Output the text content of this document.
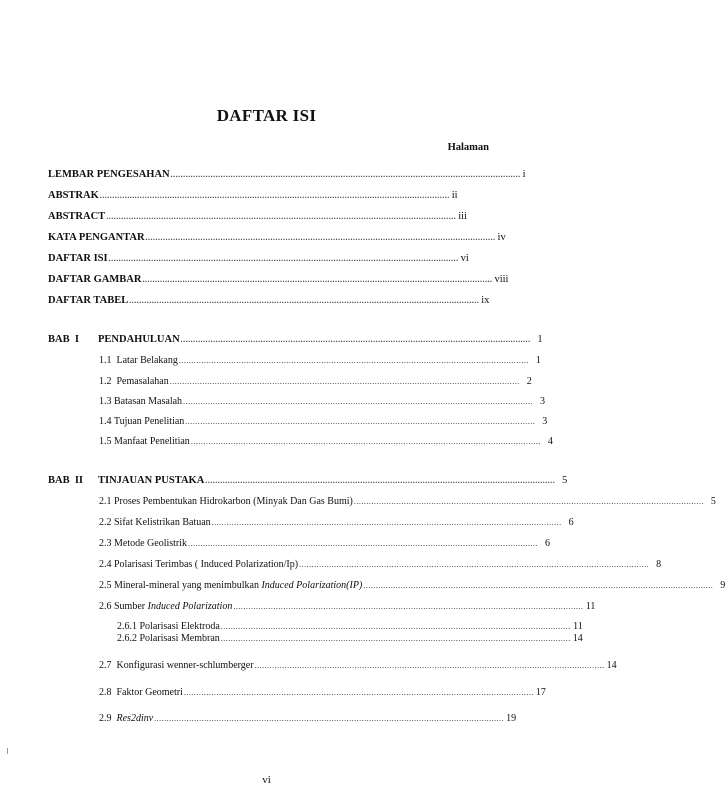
DAFTAR ISI
Halaman
LEMBAR PENGESAHAN ............................................................................................................................................ i
ABSTRAK ............................................................................................................................................ ii
ABSTRACT ............................................................................................................................................ iii
KATA PENGANTAR ............................................................................................................................................ iv
DAFTAR ISI ............................................................................................................................................ vi
DAFTAR GAMBAR ............................................................................................................................................ viii
DAFTAR TABEL ............................................................................................................................................ ix
BAB  I PENDAHULUAN ............................................................................................................................................ 1
1.1  Latar Belakang ............................................................................................................................................ 1
1.2  Pemasalahan ............................................................................................................................................ 2
1.3 Batasan Masalah ............................................................................................................................................ 3
1.4 Tujuan Penelitian ............................................................................................................................................ 3
1.5 Manfaat Penelitian ............................................................................................................................................ 4
BAB  II TINJAUAN PUSTAKA ............................................................................................................................................ 5
2.1 Proses Pembentukan Hidrokarbon (Minyak Dan Gas Bumi) ............................................................................................................................................ 5
2.2 Sifat Kelistrikan Batuan ............................................................................................................................................ 6
2.3 Metode Geolistrik ............................................................................................................................................ 6
2.4 Polarisasi Terimbas ( Induced Polarization/Ip) ............................................................................................................................................ 8
2.5 Mineral-mineral yang menimbulkan Induced Polarization(IP) ............................................................................................................................................ 9
2.6 Sumber Induced Polarization ............................................................................................................................................ 11
2.6.1 Polarisasi Elektroda ............................................................................................................................................ 11
2.6.2 Polarisasi Membran ............................................................................................................................................ 14
2.7  Konfigurasi wenner-schlumberger ............................................................................................................................................ 14
2.8  Faktor Geometri ............................................................................................................................................ 17
2.9  Res2dinv ............................................................................................................................................ 19
vi
